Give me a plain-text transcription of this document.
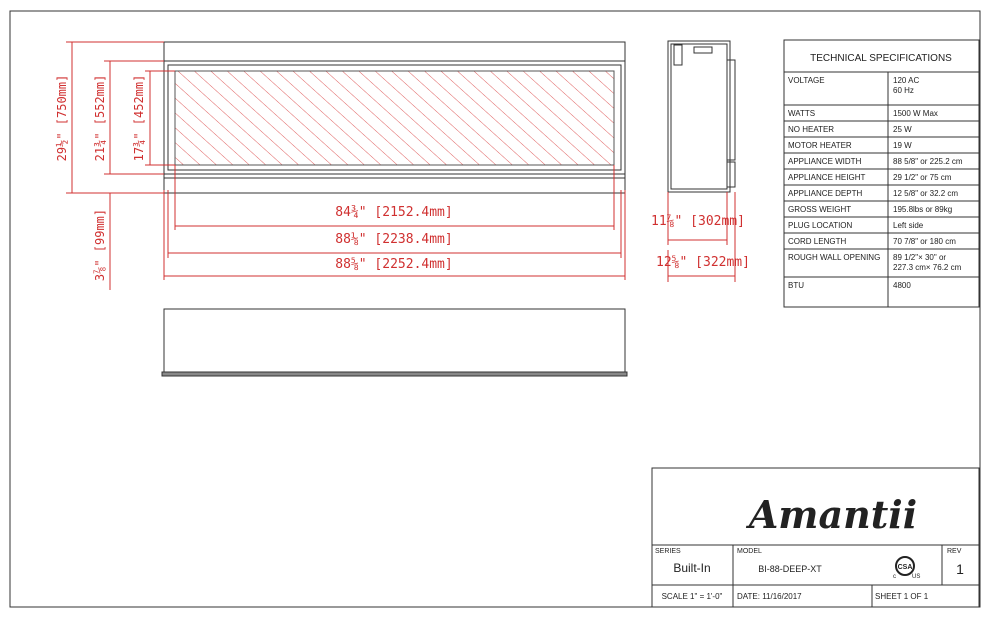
29½" [750mm] 21¾" [552mm] 17¾" [452mm]
3⅞" [99mm]	84¾" [2152.4mm]
88⅛" [2238.4mm]
88⅝" [2252.4mm]
11⅞" [302mm]
12⅝" [322mm]
TECHNICAL SPECIFICATIONS
VOLTAGE	120 AC
60 Hz
WATTS	1500 W Max
NO HEATER	25 W
MOTOR HEATER	19 W
APPLIANCE WIDTH	88 5/8" or 225.2 cm
APPLIANCE HEIGHT	29 1/2" or 75 cm
APPLIANCE DEPTH	12 5/8" or 32.2 cm
GROSS WEIGHT	195.8lbs or 89kg
PLUG LOCATION	Left side
CORD LENGTH	70 7/8" or 180 cm
ROUGH WALL OPENING 89 1/2"× 30" or
227.3 cm× 76.2 cm
BTU	4800
Amantii
SERIES
Built-In
MODEL
BI-88-DEEP-XT	CSA
c	US
REV
1
SCALE 1" = 1'-0" DATE: 11/16/2017	SHEET 1 OF 1
